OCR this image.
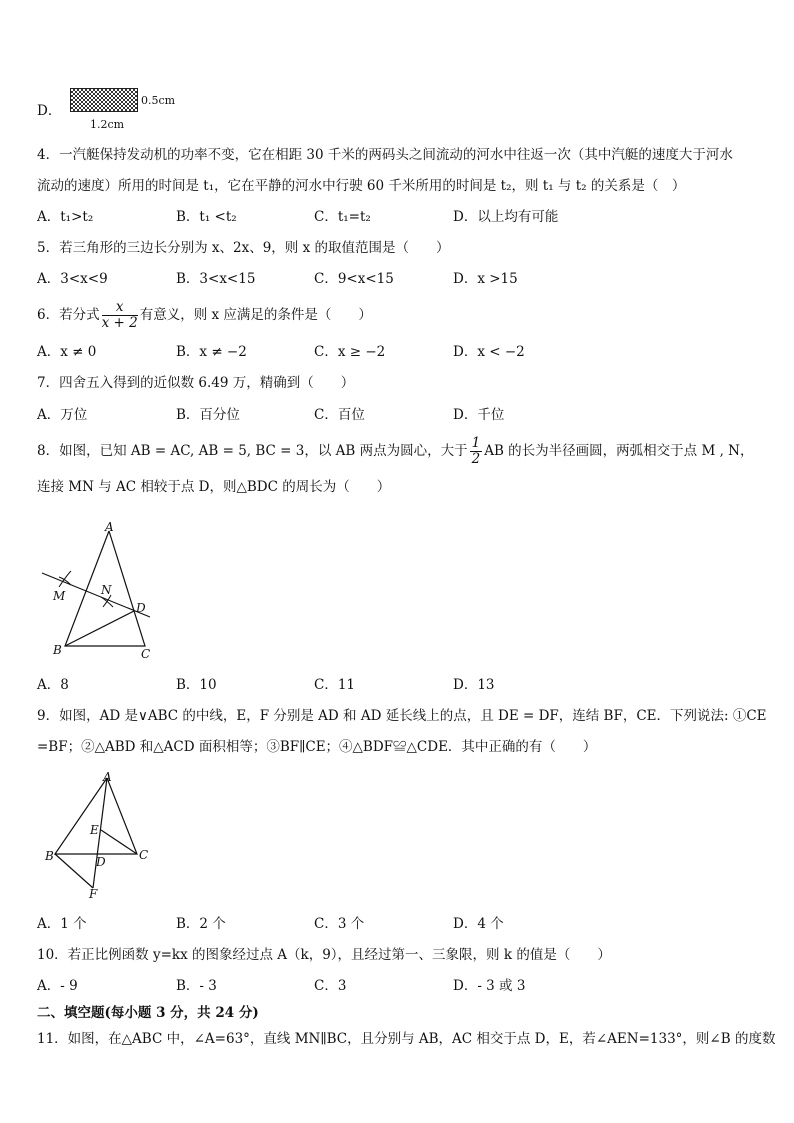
D．
0.5cm
1.2cm
4．一汽艇保持发动机的功率不变，它在相距 30 千米的两码头之间流动的河水中往返一次（其中汽艇的速度大于河水
流动的速度）所用的时间是 t₁，它在平静的河水中行驶 60 千米所用的时间是 t₂，则 t₁ 与 t₂ 的关系是（　）
A．t₁>t₂	B．t₁ <t₂	C．t₁=t₂	D．以上均有可能
5．若三角形的三边长分别为 x、2x、9，则 x 的取值范围是（　　）
A．3<x<9	B．3<x<15	C．9<x<15	D．x >15
6．若分式 $\frac{x}{x + 2}$ 有意义，则 x 应满足的条件是（　　）
A．x ≠ 0	B．x ≠ −2	C．x ≥ −2	D．x < −2
7．四舍五入得到的近似数 6.49 万，精确到（　　）
A．万位	B．百分位	C．百位	D．千位
8．如图，已知 AB = AC, AB = 5, BC = 3，以 AB 两点为圆心，大于 $\frac{1}{2}$ AB 的长为半径画圆，两弧相交于点 M , N，
连接 MN 与 AC 相较于点 D，则△BDC 的周长为（　　）
A
B	C
D
M	N
A．8	B．10	C．11	D．13
9．如图，AD 是∨ABC 的中线，E，F 分别是 AD 和 AD 延长线上的点，且 DE = DF，连结 BF，CE．下列说法: ①CE
=BF；②△ABD 和△ACD 面积相等；③BF∥CE；④△BDF≌△CDE．其中正确的有（　　）
A
B	C
D
E
F
A．1 个	B．2 个	C．3 个	D．4 个
10．若正比例函数 y=kx 的图象经过点 A（k，9），且经过第一、三象限，则 k 的值是（　　）
A．- 9	B．- 3	C．3	D．- 3 或 3
二、填空题(每小题 3 分，共 24 分)
11．如图，在△ABC 中，∠A=63°，直线 MN∥BC，且分别与 AB，AC 相交于点 D，E，若∠AEN=133°，则∠B 的度数
